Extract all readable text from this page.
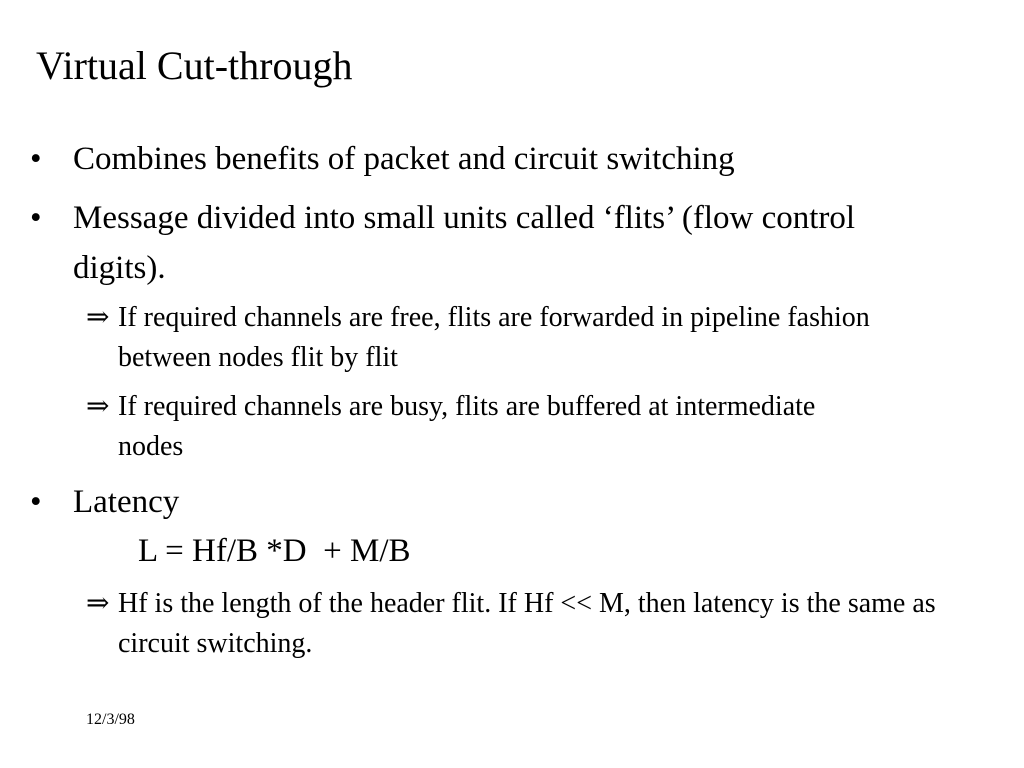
Virtual Cut-through
• Combines benefits of packet and circuit switching
• Message divided into small units called ‘flits’ (flow control digits).
⇒ If required channels are free, flits are forwarded in pipeline fashion between nodes flit by flit
⇒ If required channels are busy, flits are buffered at intermediate nodes
• Latency
L = Hf/B *D  + M/B
⇒ Hf is the length of the header flit. If Hf << M, then latency is the same as circuit switching.
12/3/98
